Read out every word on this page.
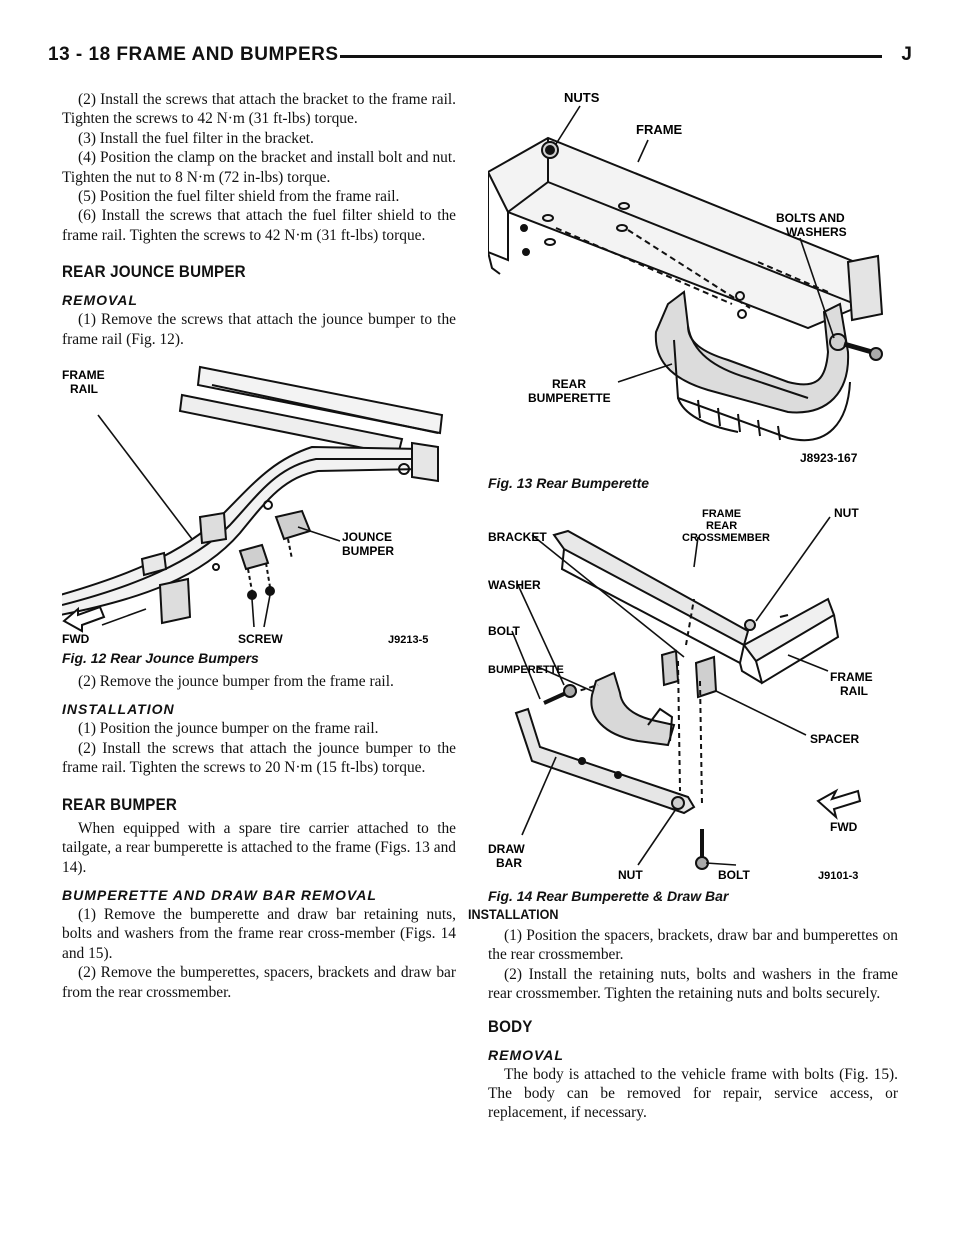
13 - 18 FRAME AND BUMPERS	J

(2) Install the screws that attach the bracket to the frame rail. Tighten the screws to 42 N·m (31 ft-lbs) torque.

(3) Install the fuel filter in the bracket.

(4) Position the clamp on the bracket and install bolt and nut. Tighten the nut to 8 N·m (72 in-lbs) torque.

(5) Position the fuel filter shield from the frame rail.

(6) Install the screws that attach the fuel filter shield to the frame rail. Tighten the screws to 42 N·m (31 ft-lbs) torque.

REAR JOUNCE BUMPER
REMOVAL

(1) Remove the screws that attach the jounce bumper to the frame rail (Fig. 12).

FRAME
RAIL
JOUNCE
BUMPER
FWD	SCREW	J9213-5

Fig. 12 Rear Jounce Bumpers

(2) Remove the jounce bumper from the frame rail.

INSTALLATION

(1) Position the jounce bumper on the frame rail.

(2) Install the screws that attach the jounce bumper to the frame rail. Tighten the screws to 20 N·m (15 ft-lbs) torque.

REAR BUMPER

When equipped with a spare tire carrier attached to the tailgate, a rear bumperette is attached to the frame (Figs. 13 and 14).

BUMPERETTE AND DRAW BAR REMOVAL

(1) Remove the bumperette and draw bar retaining nuts, bolts and washers from the frame rear cross-member (Figs. 14 and 15).

(2) Remove the bumperettes, spacers, brackets and draw bar from the rear crossmember.

NUTS
FRAME
BOLTS AND
WASHERS
REAR
BUMPERETTE
J8923-167

Fig. 13 Rear Bumperette

FRAME
REAR
CROSSMEMBER
NUT
BRACKET
WASHER
BOLT
BUMPERETTE	FRAME
RAIL
SPACER
FWD
DRAW
BAR
NUT	BOLT	J9101-3

Fig. 14 Rear Bumperette & Draw Bar

INSTALLATION

(1) Position the spacers, brackets, draw bar and bumperettes on the rear crossmember.

(2) Install the retaining nuts, bolts and washers in the frame rear crossmember. Tighten the retaining nuts and bolts securely.

BODY
REMOVAL

The body is attached to the vehicle frame with bolts (Fig. 15). The body can be removed for repair, service access, or replacement, if necessary.
